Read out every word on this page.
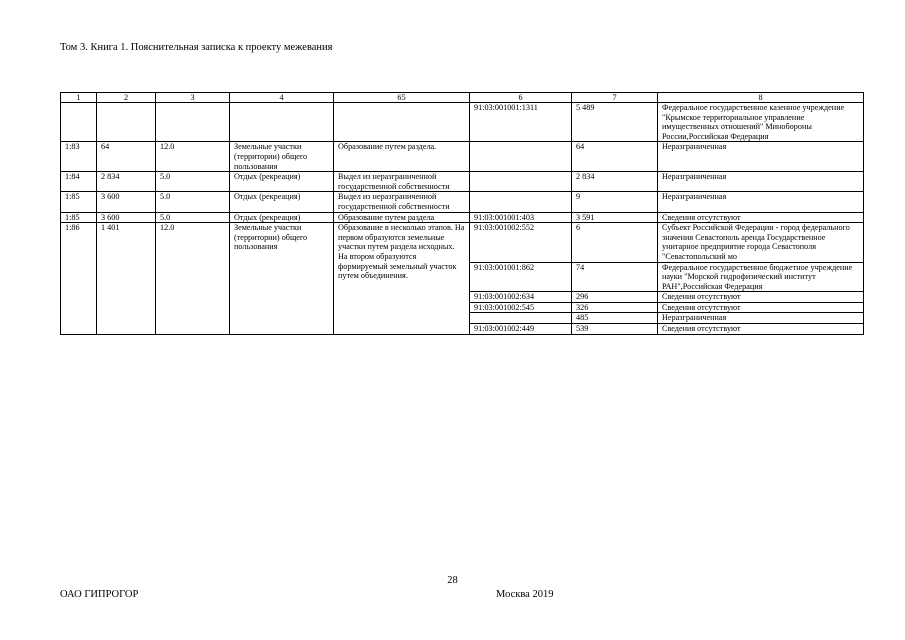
Том 3. Книга 1. Пояснительная записка к проекту межевания
1	2	3	4	65	6	7	8
					91:03:001001:1311	5 489	Федеральное государственное казенное учреждение "Крымское территориальное управление имущественных отношений" Минобороны России,Российская Федерация
1:83	64	12.0	Земельные участки (территории) общего пользования	Образование путем раздела.		64	Неразграниченная
1:84	2 834	5.0	Отдых (рекреация)	Выдел из неразграниченной государственной собственности		2 834	Неразграниченная
1:85	3 600	5.0	Отдых (рекреация)	Выдел из неразграниченной государственной собственности		9	Неразграниченная
1:85	3 600	5.0	Отдых (рекреация)	Образование путем раздела	91:03:001001:403	3 591	Сведения отсутствуют
1:86	1 401	12.0	Земельные участки (территории) общего пользования	Образование в несколько этапов. На первом образуются земельные участки путем раздела исходных. На втором образуются формируемый земельный участок путем объединения.	91:03:001002:552	6	Субъект Российской Федерации - город федерального значения Севастополь аренда Государственное унитарное предприятие города Севастополя "Севастопольский мо
					91:03:001001:862	74	Федеральное государственное бюджетное учреждение науки "Морской гидрофизический институт РАН",Российская Федерация
					91:03:001002:634	296	Сведения отсутствуют
					91:03:001002:545	326	Сведения отсутствуют
						485	Неразграниченная
					91:03:001002:449	539	Сведения отсутствуют
28
ОАО ГИПРОГОР	Москва 2019
